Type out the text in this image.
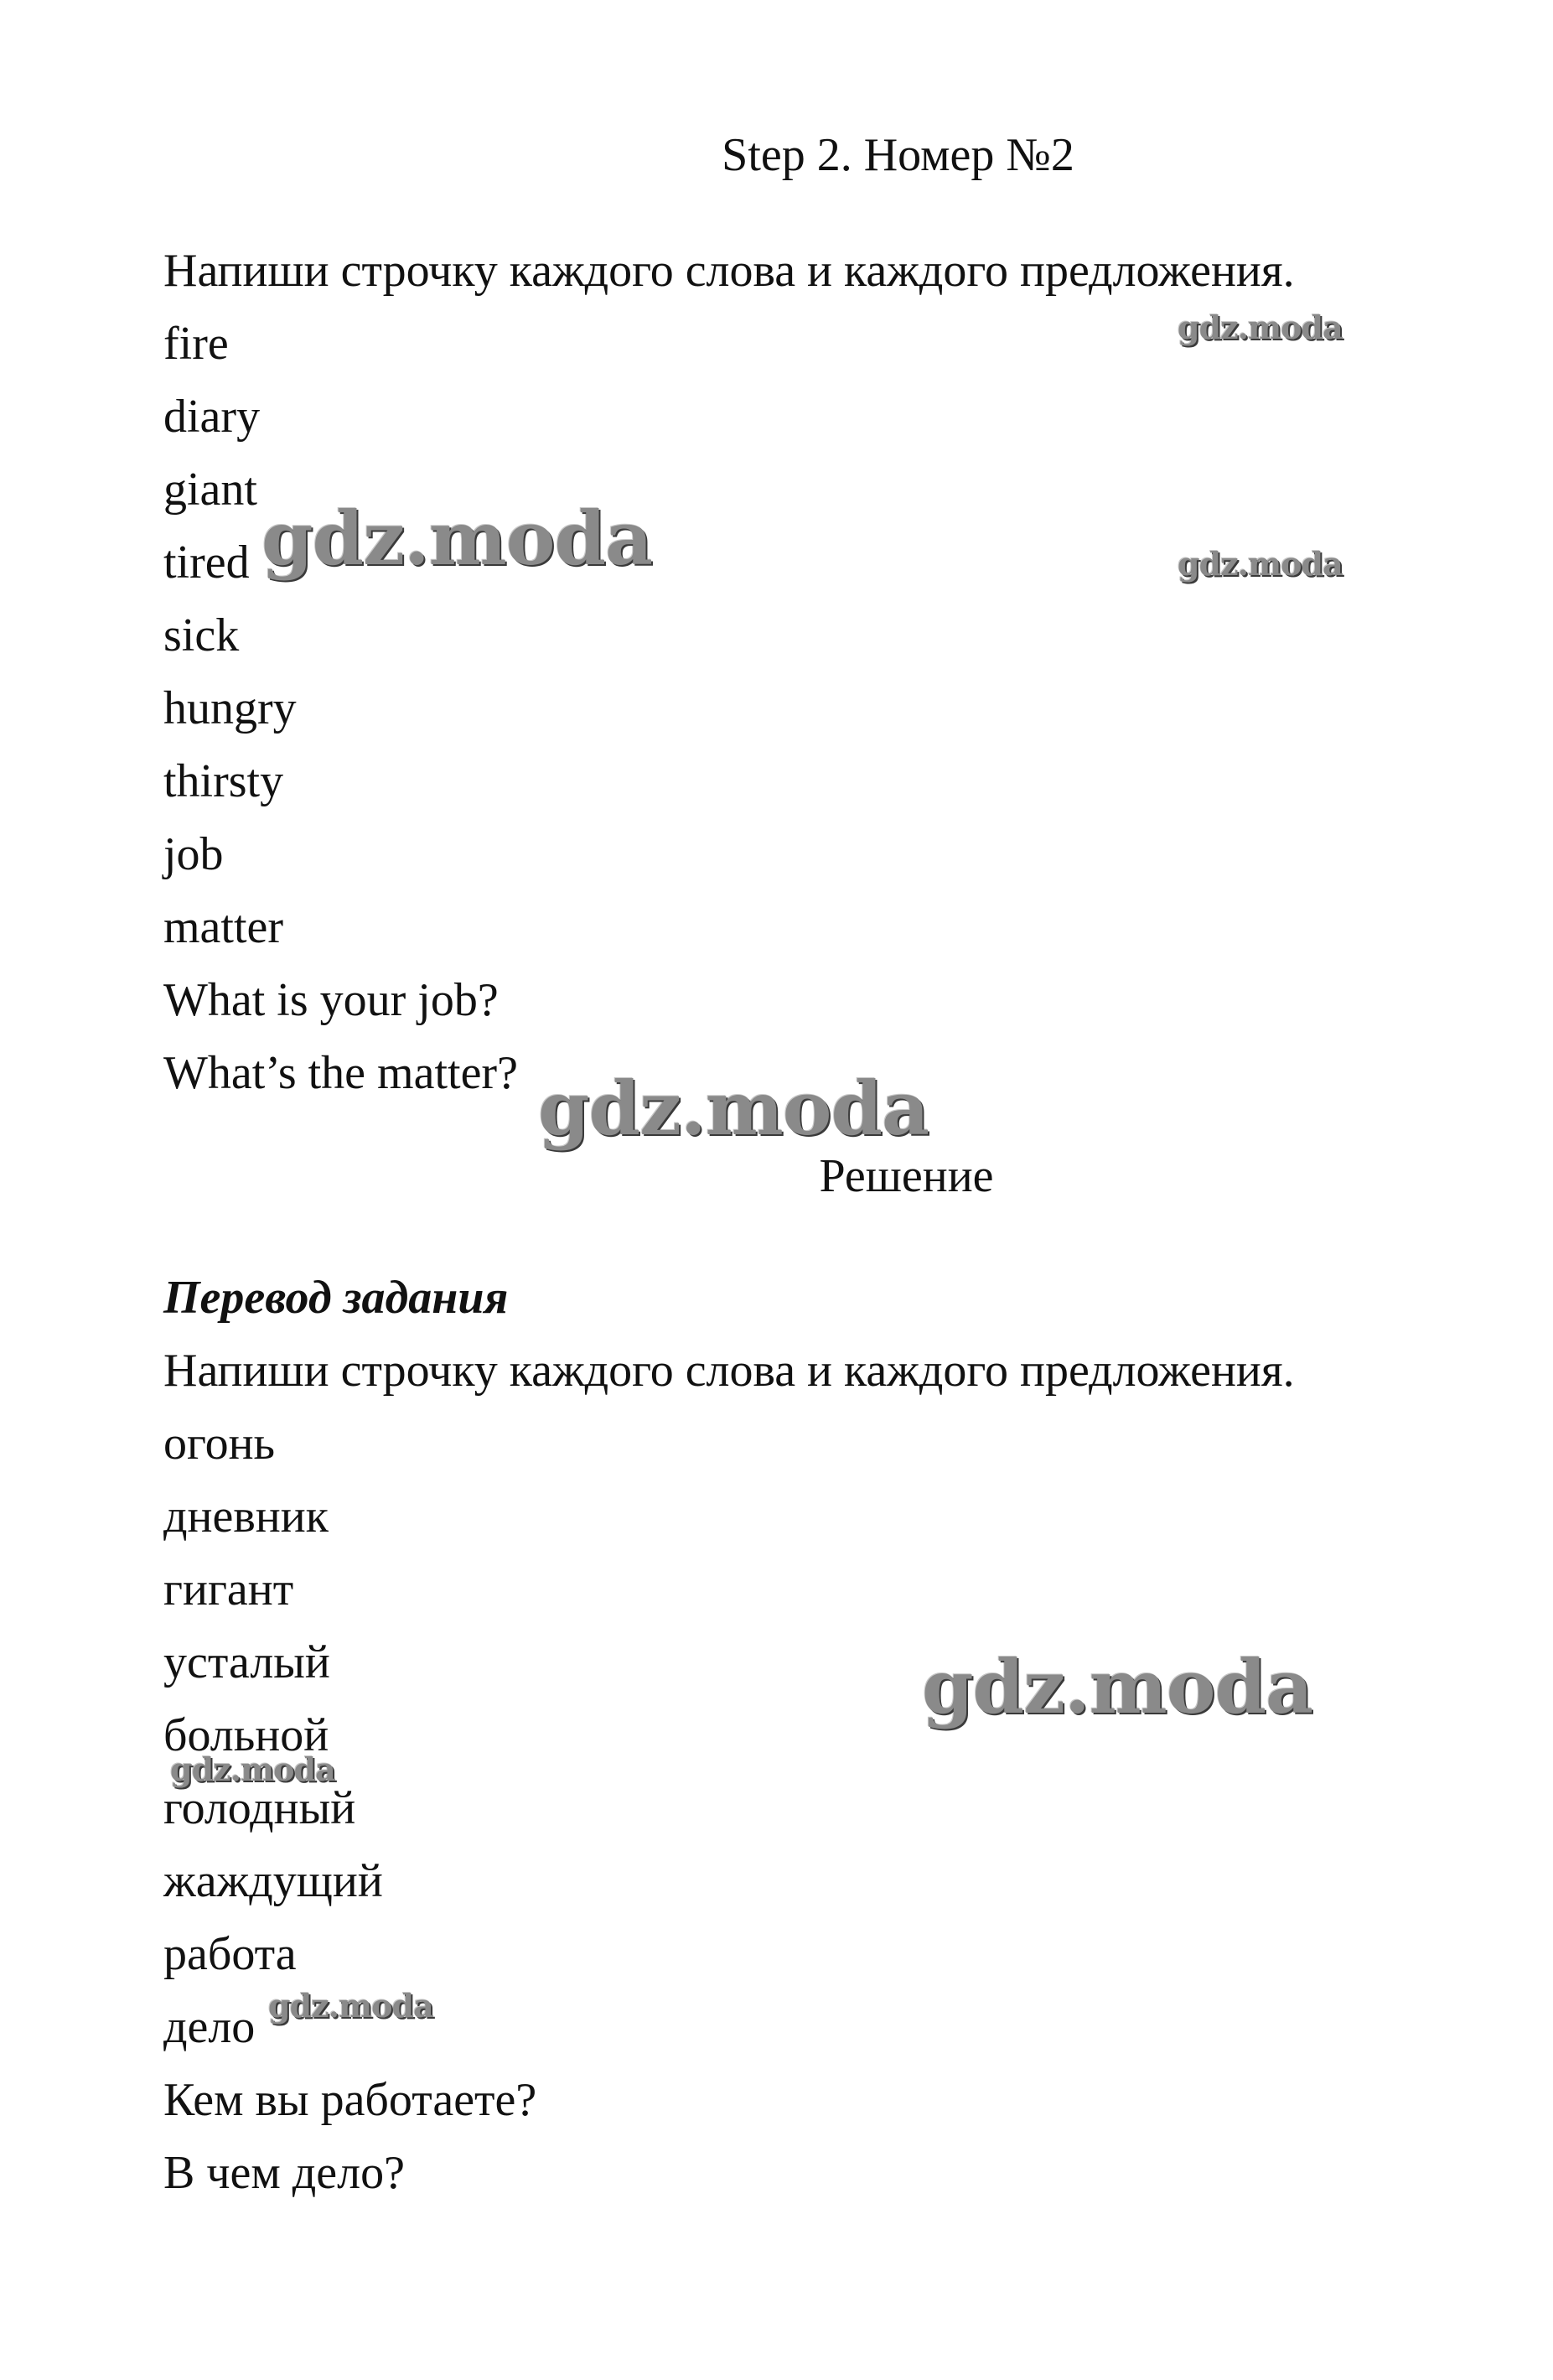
Step 2. Номер №2
Напиши строчку каждого слова и каждого предложения.
fire
diary
giant
tired
sick
hungry
thirsty
job
matter
What is your job?
What’s the matter?
Решение
Перевод задания
Напиши строчку каждого слова и каждого предложения.
огонь
дневник
гигант
усталый
больной
голодный
жаждущий
работа
дело
Кем вы работаете?
В чем дело?
gdz.moda
gdz.moda	gdz.moda
gdz.moda
gdz.moda
gdz.moda
gdz.moda
